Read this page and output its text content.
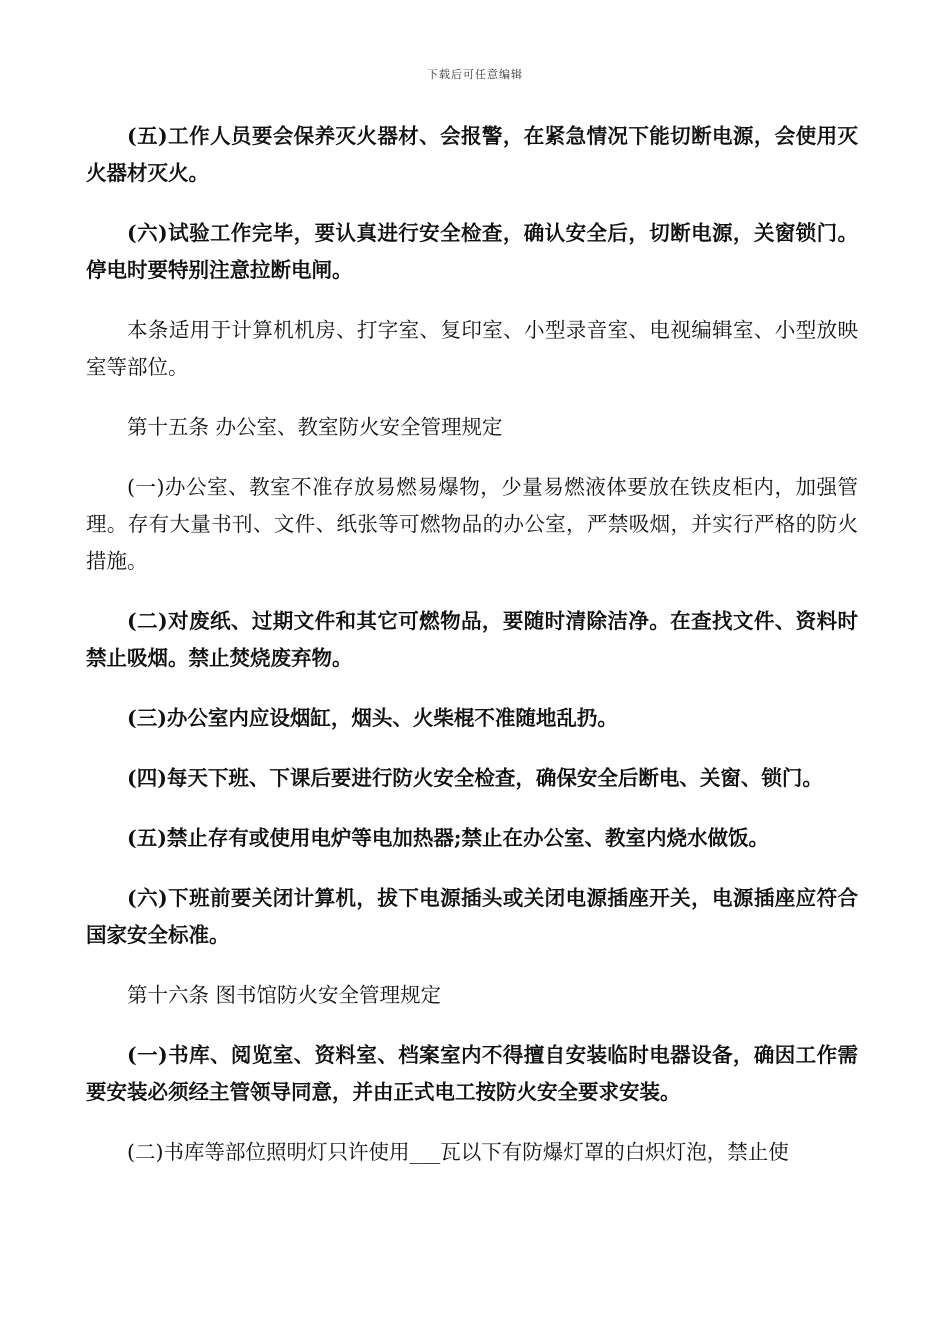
下载后可任意编辑

(五)工作人员要会保养灭火器材、会报警，在紧急情况下能切断电源，会使用灭火器材灭火。

(六)试验工作完毕，要认真进行安全检查，确认安全后，切断电源，关窗锁门。停电时要特别注意拉断电闸。

本条适用于计算机机房、打字室、复印室、小型录音室、电视编辑室、小型放映室等部位。

第十五条 办公室、教室防火安全管理规定

(一)办公室、教室不准存放易燃易爆物，少量易燃液体要放在铁皮柜内，加强管理。存有大量书刊、文件、纸张等可燃物品的办公室，严禁吸烟，并实行严格的防火措施。

(二)对废纸、过期文件和其它可燃物品，要随时清除洁净。在查找文件、资料时禁止吸烟。禁止焚烧废弃物。

(三)办公室内应设烟缸，烟头、火柴棍不准随地乱扔。

(四)每天下班、下课后要进行防火安全检查，确保安全后断电、关窗、锁门。

(五)禁止存有或使用电炉等电加热器;禁止在办公室、教室内烧水做饭。

(六)下班前要关闭计算机，拔下电源插头或关闭电源插座开关，电源插座应符合国家安全标准。

第十六条 图书馆防火安全管理规定

(一)书库、阅览室、资料室、档案室内不得擅自安装临时电器设备，确因工作需要安装必须经主管领导同意，并由正式电工按防火安全要求安装。

(二)书库等部位照明灯只许使用___瓦以下有防爆灯罩的白炽灯泡，禁止使
